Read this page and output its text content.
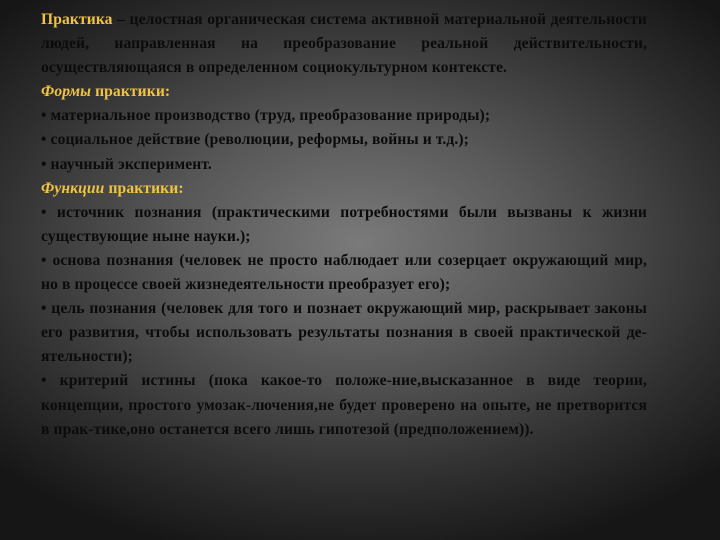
Практика – целостная органическая система активной материальной деятельности людей, направленная на преобразование реальной действительности, осуществляющаяся в определенном социокультурном контексте.

Формы практики:

• материальное производство (труд, преобразование природы);

• социальное действие (революции, реформы, войны и т.д.);

• научный эксперимент.

Функции практики:

• источник познания (практическими потребностями были вызваны к жизни существующие ныне науки.);

• основа познания (человек не просто наблюдает или созерцает окружающий мир, но в процессе своей жизнедеятельности преобразует его);

• цель познания (человек для того и познает окружающий мир, раскрывает законы его развития, чтобы использовать результаты познания в своей практической де-ятельности);

• критерий истины (пока какое-то положе-ние,высказанное в виде теории, концепции, простого умозак-лючения,не будет проверено на опыте, не претворится в прак-тике,оно останется всего лишь гипотезой (предположением)).
